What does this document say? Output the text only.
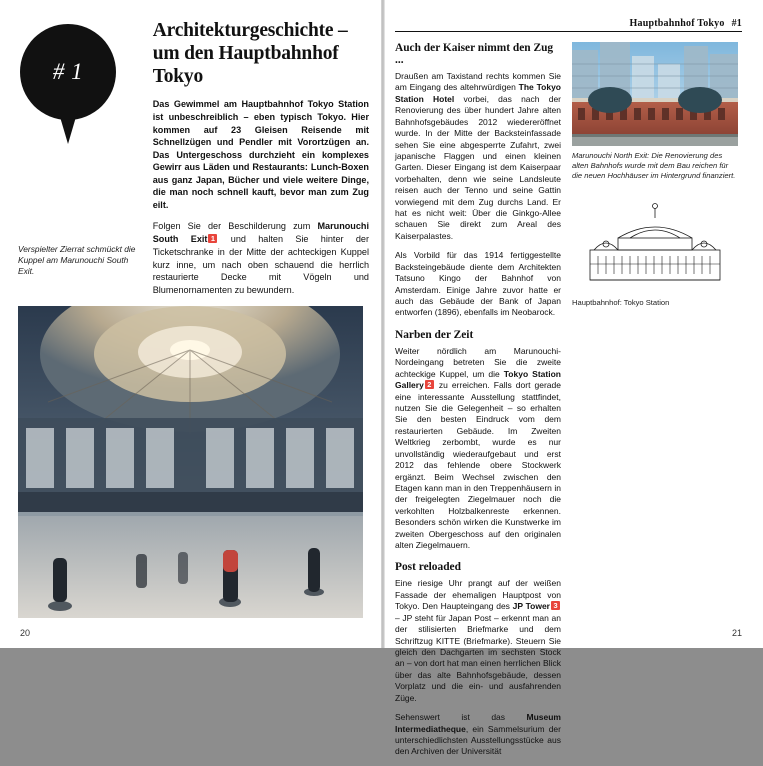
# 1
Verspielter Zierrat schmückt die Kuppel am Marunouchi South Exit.
Architekturgeschichte – um den Hauptbahnhof Tokyo

Das Gewimmel am Hauptbahnhof Tokyo Station ist unbeschreiblich – eben typisch Tokyo. Hier kommen auf 23 Gleisen Reisende mit Schnellzügen und Pendler mit Vorortzügen an. Das Untergeschoss durchzieht ein komplexes Gewirr aus Läden und Restaurants: Lunch-Boxen aus ganz Japan, Bücher und viele weitere Dinge, die man noch schnell kauft, bevor man zum Zug eilt.

Folgen Sie der Beschilderung zum Marunouchi South Exit 1 und halten Sie hinter der Ticketschranke in der Mitte der achteckigen Kuppel kurz inne, um nach oben schauend die herrlich restaurierte Decke mit Vögeln und Blumenornamenten zu bewundern.

20
Hauptbahnhof Tokyo #1
Auch der Kaiser nimmt den Zug ...

Draußen am Taxistand rechts kommen Sie am Eingang des altehrwürdigen The Tokyo Station Hotel vorbei, das nach der Renovierung des über hundert Jahre alten Bahnhofsgebäudes 2012 wiedereröffnet wurde. In der Mitte der Backsteinfassade sehen Sie eine abgesperrte Zufahrt, zwei japanische Flaggen und einen kleinen Garten. Dieser Eingang ist dem Kaiserpaar vorbehalten, denn wie seine Landsleute reisen auch der Tenno und seine Gattin vorwiegend mit dem Zug durchs Land. Er hat es nicht weit: Über die Ginkgo-Allee schauen Sie direkt zum Areal des Kaiserpalastes.

Als Vorbild für das 1914 fertiggestellte Backsteingebäude diente dem Architekten Tatsuno Kingo der Bahnhof von Amsterdam. Einige Jahre zuvor hatte er auch das Gebäude der Bank of Japan entworfen (1896), ebenfalls im Neobarock.

Narben der Zeit

Weiter nördlich am Marunouchi-Nordeingang betreten Sie die zweite achteckige Kuppel, um die Tokyo Station Gallery 2 zu erreichen. Falls dort gerade eine interessante Ausstellung stattfindet, nutzen Sie die Gelegenheit – so erhalten Sie den besten Eindruck vom dem restaurierten Gebäude. Im Zweiten Weltkrieg zerbombt, wurde es nur unvollständig wiederaufgebaut und erst 2012 das fehlende obere Stockwerk ergänzt. Beim Wechsel zwischen den Etagen kann man in den Treppenhäusern in der freigelegten Ziegelmauer noch die verkohlten Holzbalkenreste erkennen. Besonders schön wirken die Kunstwerke im zweiten Obergeschoss auf den originalen alten Ziegelmauern.

Post reloaded

Eine riesige Uhr prangt auf der weißen Fassade der ehemaligen Hauptpost von Tokyo. Den Haupteingang des JP Tower 3 – JP steht für Japan Post – erkennt man an der stilisierten Briefmarke und dem Schriftzug KITTE (Briefmarke). Steuern Sie gleich den Dachgarten im sechsten Stock an – von dort hat man einen herrlichen Blick über das alte Bahnhofsgebäude, dessen Vorplatz und die ein- und ausfahrenden Züge.

Sehenswert ist das Museum Intermediatheque, ein Sammelsurium der unterschiedlichsten Ausstellungsstücke aus den Archiven der Universität

Marunouchi North Exit: Die Renovierung des alten Bahnhofs wurde mit dem Bau reichen für die neuen Hochhäuser im Hintergrund finanziert.
Hauptbahnhof: Tokyo Station
21
